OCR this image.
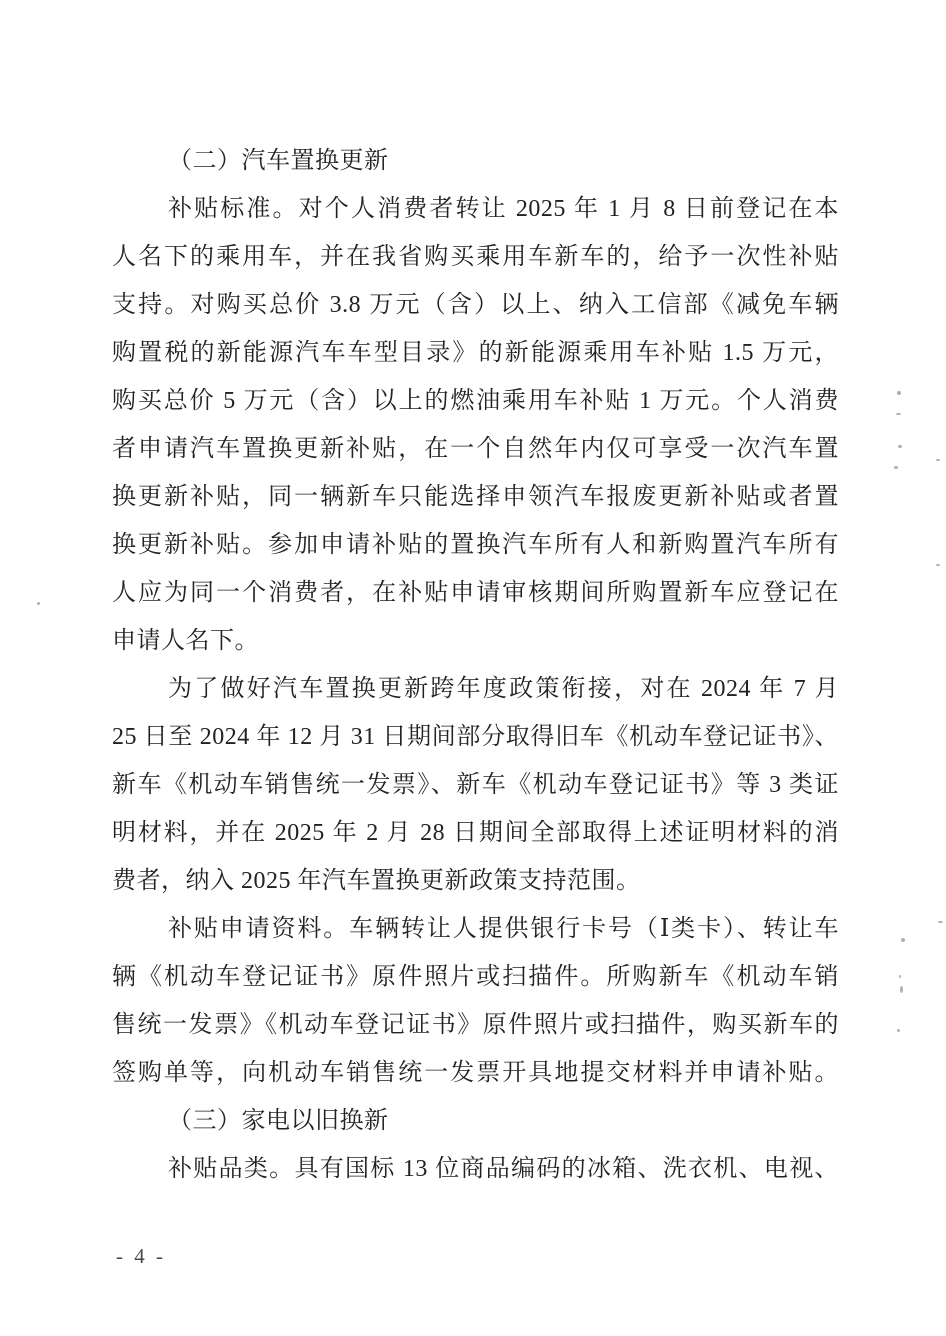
（二）汽车置换更新
补贴标准。对个人消费者转让 2025 年 1 月 8 日前登记在本
人名下的乘用车，并在我省购买乘用车新车的，给予一次性补贴
支持。对购买总价 3.8 万元（含）以上、纳入工信部《减免车辆
购置税的新能源汽车车型目录》的新能源乘用车补贴 1.5 万元，
购买总价 5 万元（含）以上的燃油乘用车补贴 1 万元。个人消费
者申请汽车置换更新补贴，在一个自然年内仅可享受一次汽车置
换更新补贴，同一辆新车只能选择申领汽车报废更新补贴或者置
换更新补贴。参加申请补贴的置换汽车所有人和新购置汽车所有
人应为同一个消费者，在补贴申请审核期间所购置新车应登记在
申请人名下。
为了做好汽车置换更新跨年度政策衔接，对在 2024 年 7 月
25 日至 2024 年 12 月 31 日期间部分取得旧车《机动车登记证书》、
新车《机动车销售统一发票》、新车《机动车登记证书》等 3 类证
明材料，并在 2025 年 2 月 28 日期间全部取得上述证明材料的消
费者，纳入 2025 年汽车置换更新政策支持范围。
补贴申请资料。车辆转让人提供银行卡号（Ⅰ类卡）、转让车
辆《机动车登记证书》原件照片或扫描件。所购新车《机动车销
售统一发票》《机动车登记证书》原件照片或扫描件，购买新车的
签购单等，向机动车销售统一发票开具地提交材料并申请补贴。
（三）家电以旧换新
补贴品类。具有国标 13 位商品编码的冰箱、洗衣机、电视、
- 4 -
